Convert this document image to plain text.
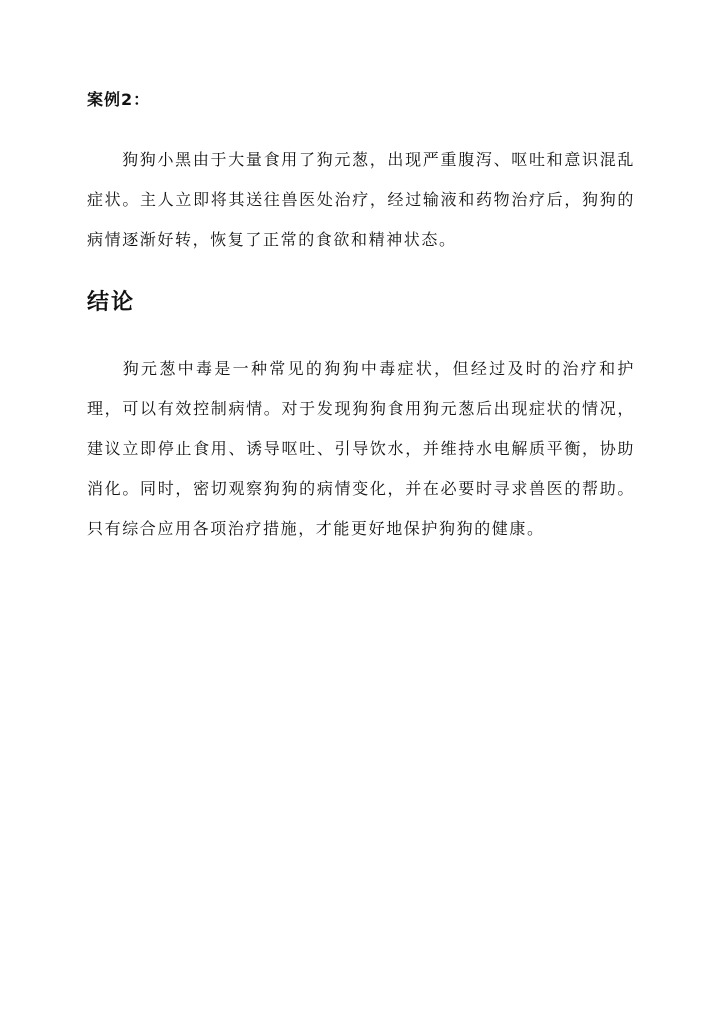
案例2：

狗狗小黑由于大量食用了狗元葱，出现严重腹泻、呕吐和意识混乱症状。主人立即将其送往兽医处治疗，经过输液和药物治疗后，狗狗的病情逐渐好转，恢复了正常的食欲和精神状态。

结论

狗元葱中毒是一种常见的狗狗中毒症状，但经过及时的治疗和护理，可以有效控制病情。对于发现狗狗食用狗元葱后出现症状的情况，建议立即停止食用、诱导呕吐、引导饮水，并维持水电解质平衡，协助消化。同时，密切观察狗狗的病情变化，并在必要时寻求兽医的帮助。只有综合应用各项治疗措施，才能更好地保护狗狗的健康。
